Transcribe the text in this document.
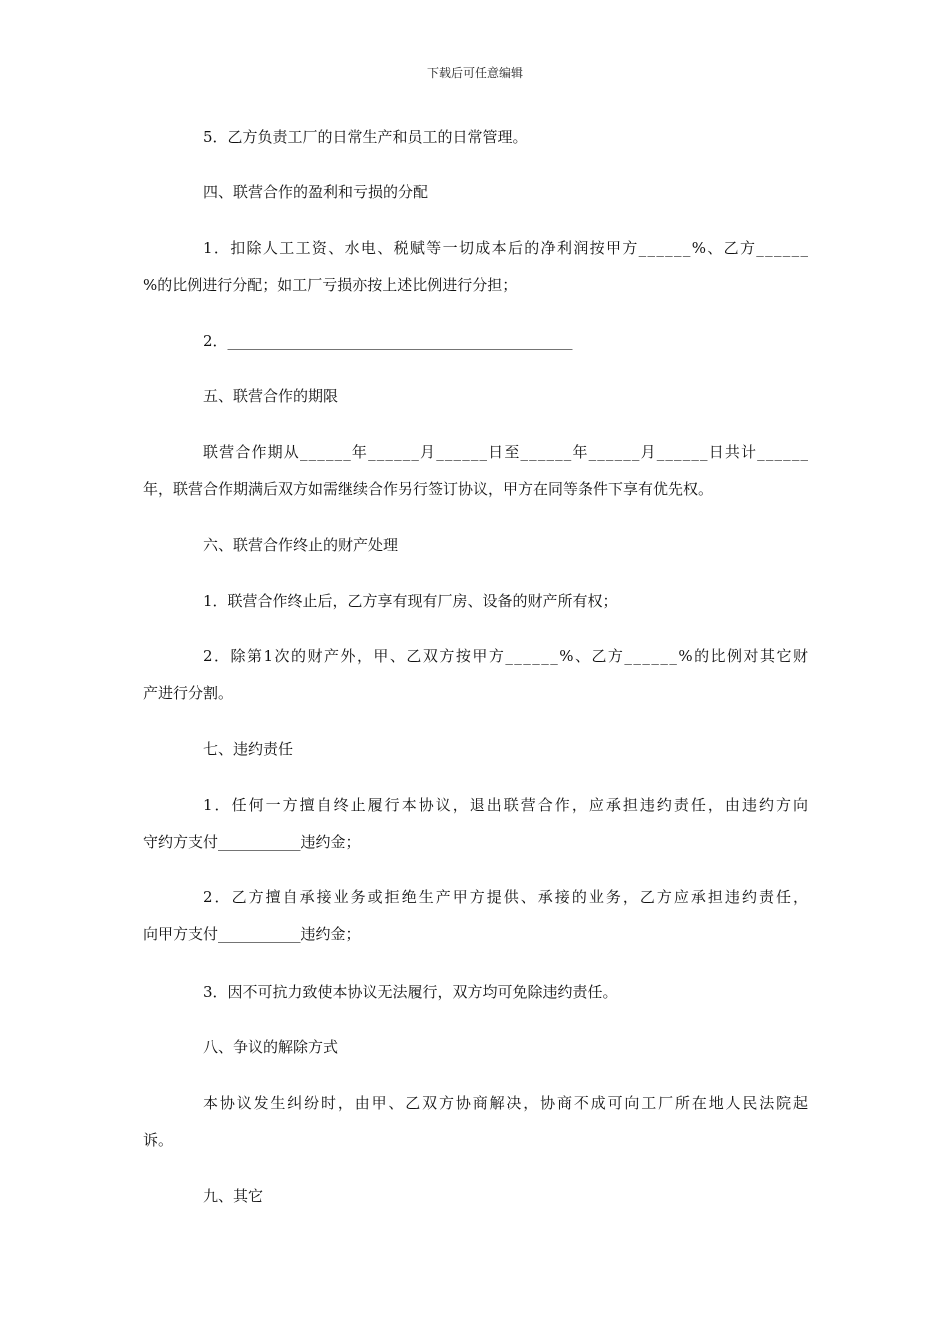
下载后可任意编辑
5．乙方负责工厂的日常生产和员工的日常管理。
四、联营合作的盈利和亏损的分配
1．扣除人工工资、水电、税赋等一切成本后的净利润按甲方______%、乙方______
%的比例进行分配；如工厂亏损亦按上述比例进行分担；
2．______________________________________________
五、联营合作的期限
联营合作期从______年______月______日至______年______月______日共计______
年，联营合作期满后双方如需继续合作另行签订协议，甲方在同等条件下享有优先权。
六、联营合作终止的财产处理
1．联营合作终止后，乙方享有现有厂房、设备的财产所有权；
2．除第1次的财产外，甲、乙双方按甲方______%、乙方______%的比例对其它财
产进行分割。
七、违约责任
1．任何一方擅自终止履行本协议，退出联营合作，应承担违约责任，由违约方向
守约方支付___________违约金；
2．乙方擅自承接业务或拒绝生产甲方提供、承接的业务，乙方应承担违约责任，
向甲方支付___________违约金；
3．因不可抗力致使本协议无法履行，双方均可免除违约责任。
八、争议的解除方式
本协议发生纠纷时，由甲、乙双方协商解决，协商不成可向工厂所在地人民法院起
诉。
九、其它
